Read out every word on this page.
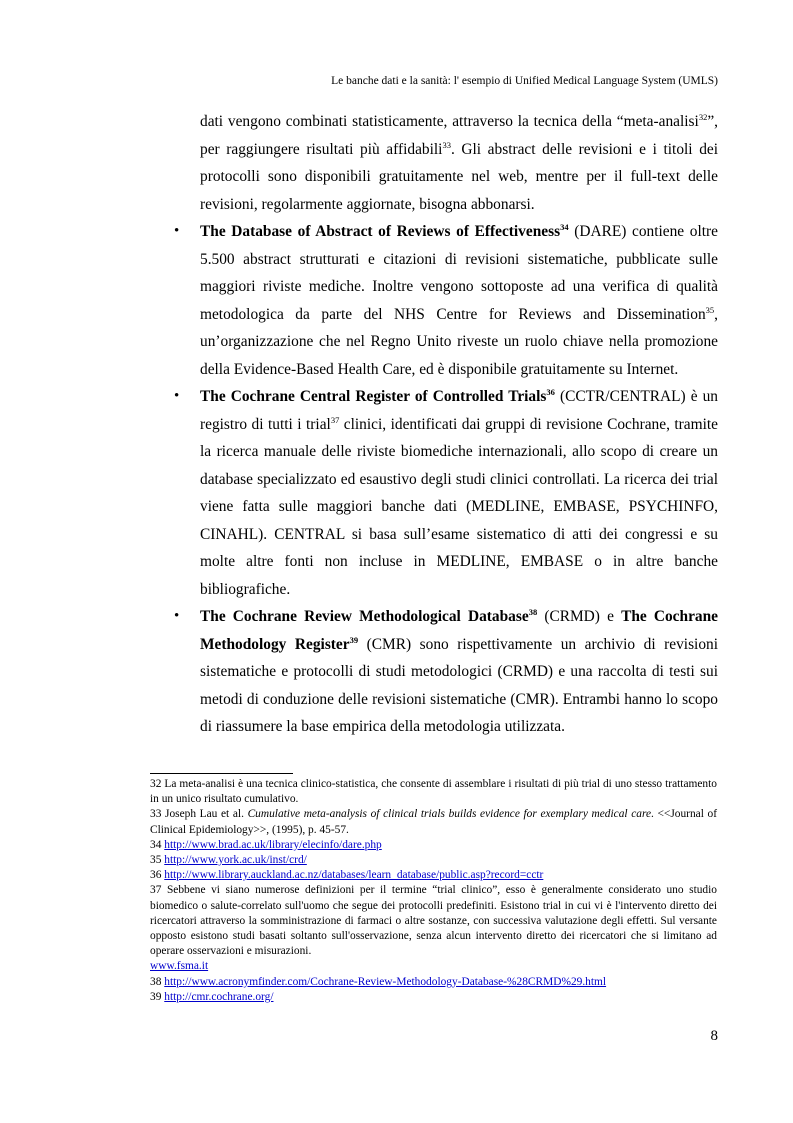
Le banche dati e la sanità: l' esempio di Unified Medical Language System (UMLS)
dati vengono combinati statisticamente, attraverso la tecnica della “meta-analisi$^{32}$”, per raggiungere risultati più affidabili$^{33}$. Gli abstract delle revisioni e i titoli dei protocolli sono disponibili gratuitamente nel web, mentre per il full-text delle revisioni, regolarmente aggiornate, bisogna abbonarsi.
• The Database of Abstract of Reviews of Effectiveness$^{34}$ (DARE) contiene oltre 5.500 abstract strutturati e citazioni di revisioni sistematiche, pubblicate sulle maggiori riviste mediche. Inoltre vengono sottoposte ad una verifica di qualità metodologica da parte del NHS Centre for Reviews and Dissemination$^{35}$, un’organizzazione che nel Regno Unito riveste un ruolo chiave nella promozione della Evidence-Based Health Care, ed è disponibile gratuitamente su Internet.
• The Cochrane Central Register of Controlled Trials$^{36}$ (CCTR/CENTRAL) è un registro di tutti i trial$^{37}$ clinici, identificati dai gruppi di revisione Cochrane, tramite la ricerca manuale delle riviste biomediche internazionali, allo scopo di creare un database specializzato ed esaustivo degli studi clinici controllati. La ricerca dei trial viene fatta sulle maggiori banche dati (MEDLINE, EMBASE, PSYCHINFO, CINAHL). CENTRAL si basa sull’esame sistematico di atti dei congressi e su molte altre fonti non incluse in MEDLINE, EMBASE o in altre banche bibliografiche.
• The Cochrane Review Methodological Database$^{38}$ (CRMD) e The Cochrane Methodology Register$^{39}$ (CMR) sono rispettivamente un archivio di revisioni sistematiche e protocolli di studi metodologici (CRMD) e una raccolta di testi sui metodi di conduzione delle revisioni sistematiche (CMR). Entrambi hanno lo scopo di riassumere la base empirica della metodologia utilizzata.
32 La meta-analisi è una tecnica clinico-statistica, che consente di assemblare i risultati di più trial di uno stesso trattamento in un unico risultato cumulativo.
33 Joseph Lau et al. Cumulative meta-analysis of clinical trials builds evidence for exemplary medical care. <<Journal of Clinical Epidemiology>>, (1995), p. 45-57.
34 http://www.brad.ac.uk/library/elecinfo/dare.php
35 http://www.york.ac.uk/inst/crd/
36 http://www.library.auckland.ac.nz/databases/learn_database/public.asp?record=cctr
37 Sebbene vi siano numerose definizioni per il termine “trial clinico”, esso è generalmente considerato uno studio biomedico o salute-correlato sull'uomo che segue dei protocolli predefiniti. Esistono trial in cui vi è l'intervento diretto dei ricercatori attraverso la somministrazione di farmaci o altre sostanze, con successiva valutazione degli effetti. Sul versante opposto esistono studi basati soltanto sull'osservazione, senza alcun intervento diretto dei ricercatori che si limitano ad operare osservazioni e misurazioni.
www.fsma.it
38 http://www.acronymfinder.com/Cochrane-Review-Methodology-Database-%28CRMD%29.html
39 http://cmr.cochrane.org/
8
